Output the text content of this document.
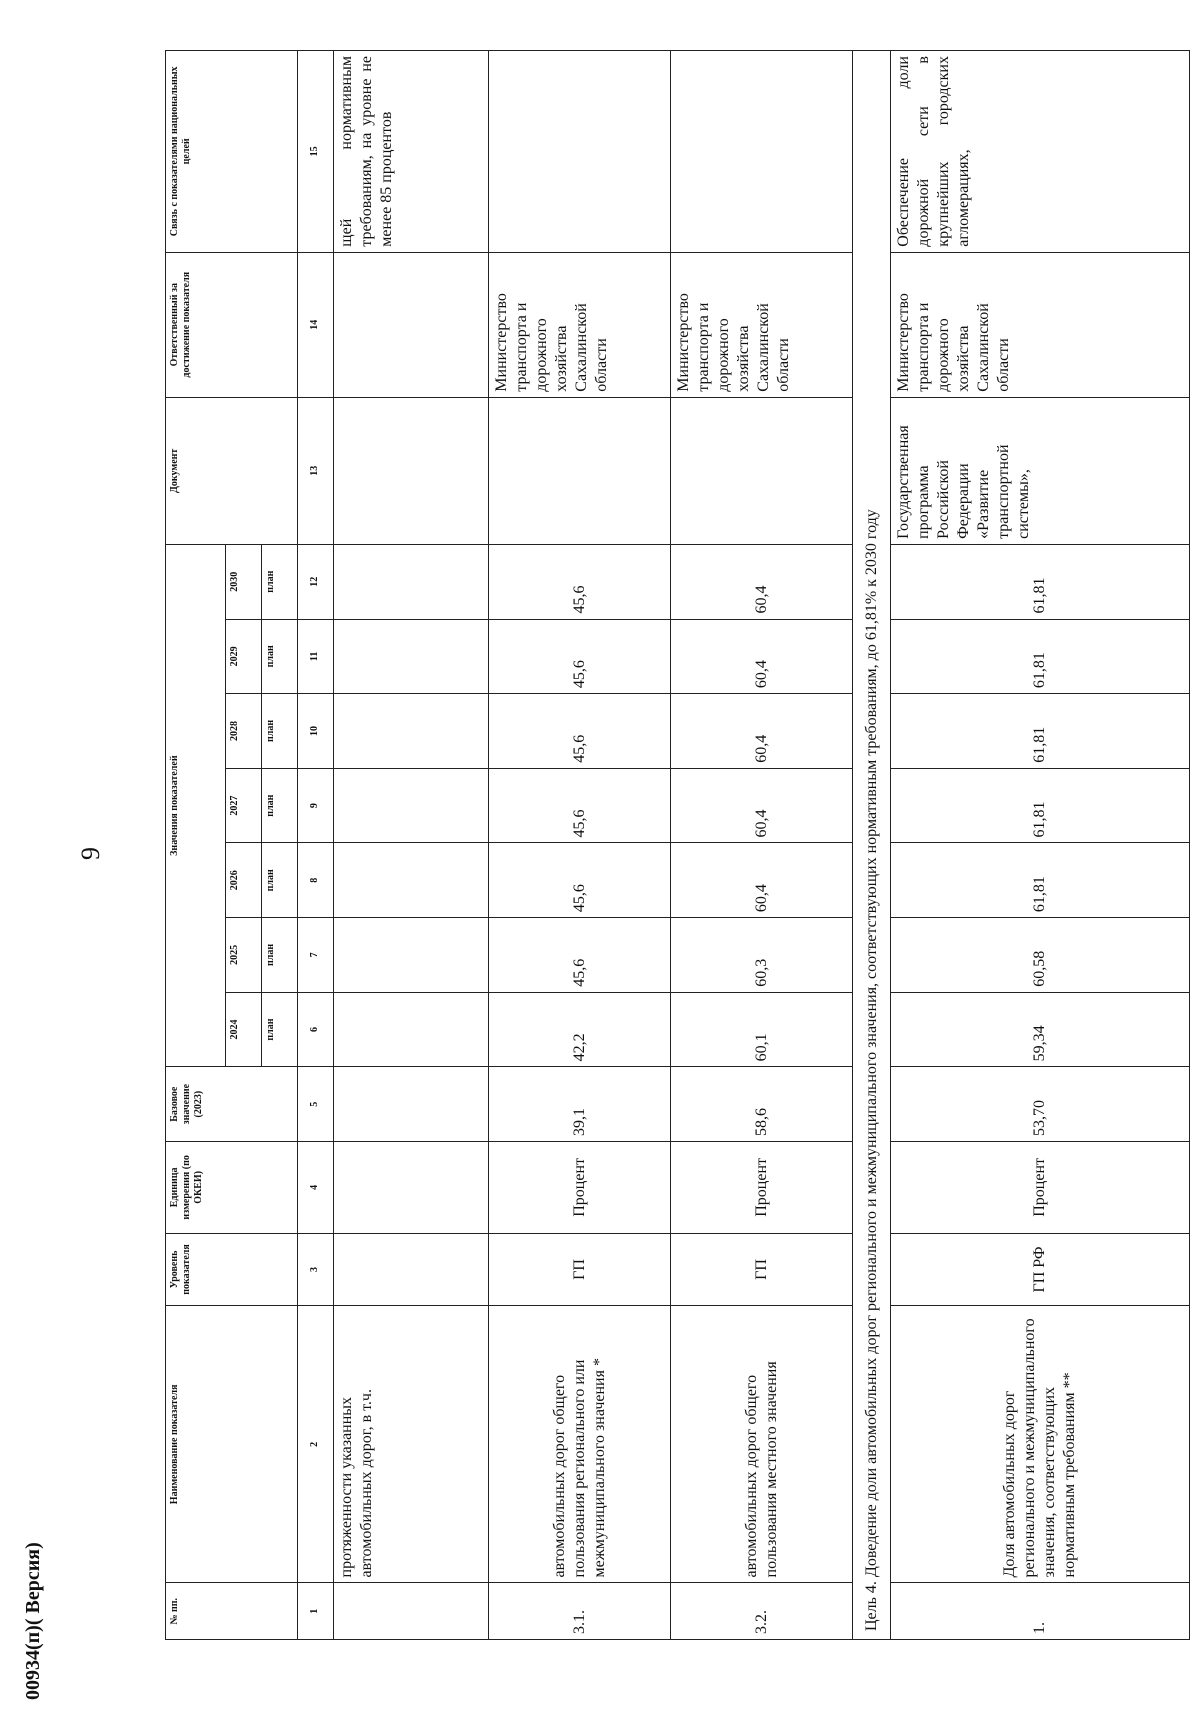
9
№ пп.	Наименование показателя	Уровень показателя	Единица измерения (по ОКЕИ)	Базовое значение (2023)	Значения показателей							Документ	Ответственный за достижение показателя	Связь с показателями национальных целей
					2024	2025	2026	2027	2028	2029	2030			
					план	план	план	план	план	план	план			
1	2	3	4	5	6	7	8	9	10	11	12	13	14	15
	протяженности указанных автомобильных дорог, в т.ч.													щей нормативным требованиям, на уровне не менее 85 процентов
3.1.	автомобильных дорог общего пользования регионального или межмуниципального значения *	ГП	Процент	39,1	42,2	45,6	45,6	45,6	45,6	45,6	45,6		Министерство транспорта и дорожного хозяйства Сахалинской области	
3.2.	автомобильных дорог общего пользования местного значения	ГП	Процент	58,6	60,1	60,3	60,4	60,4	60,4	60,4	60,4		Министерство транспорта и дорожного хозяйства Сахалинской области	
Цель 4. Доведение доли автомобильных дорог регионального и межмуниципального значения, соответствующих нормативным требованиям, до 61,81% к 2030 году														
1.	Доля автомобильных дорог регионального и межмуниципального значения, соответствующих нормативным требованиям **	ГП РФ	Процент	53,70	59,34	60,58	61,81	61,81	61,81	61,81	61,81	Государственная программа Российской Федерации «Развитие транспортной системы»,	Министерство транспорта и дорожного хозяйства Сахалинской области	Обеспечение доли дорожной сети в крупнейших городских агломерациях,
00934(п)( Версия)
